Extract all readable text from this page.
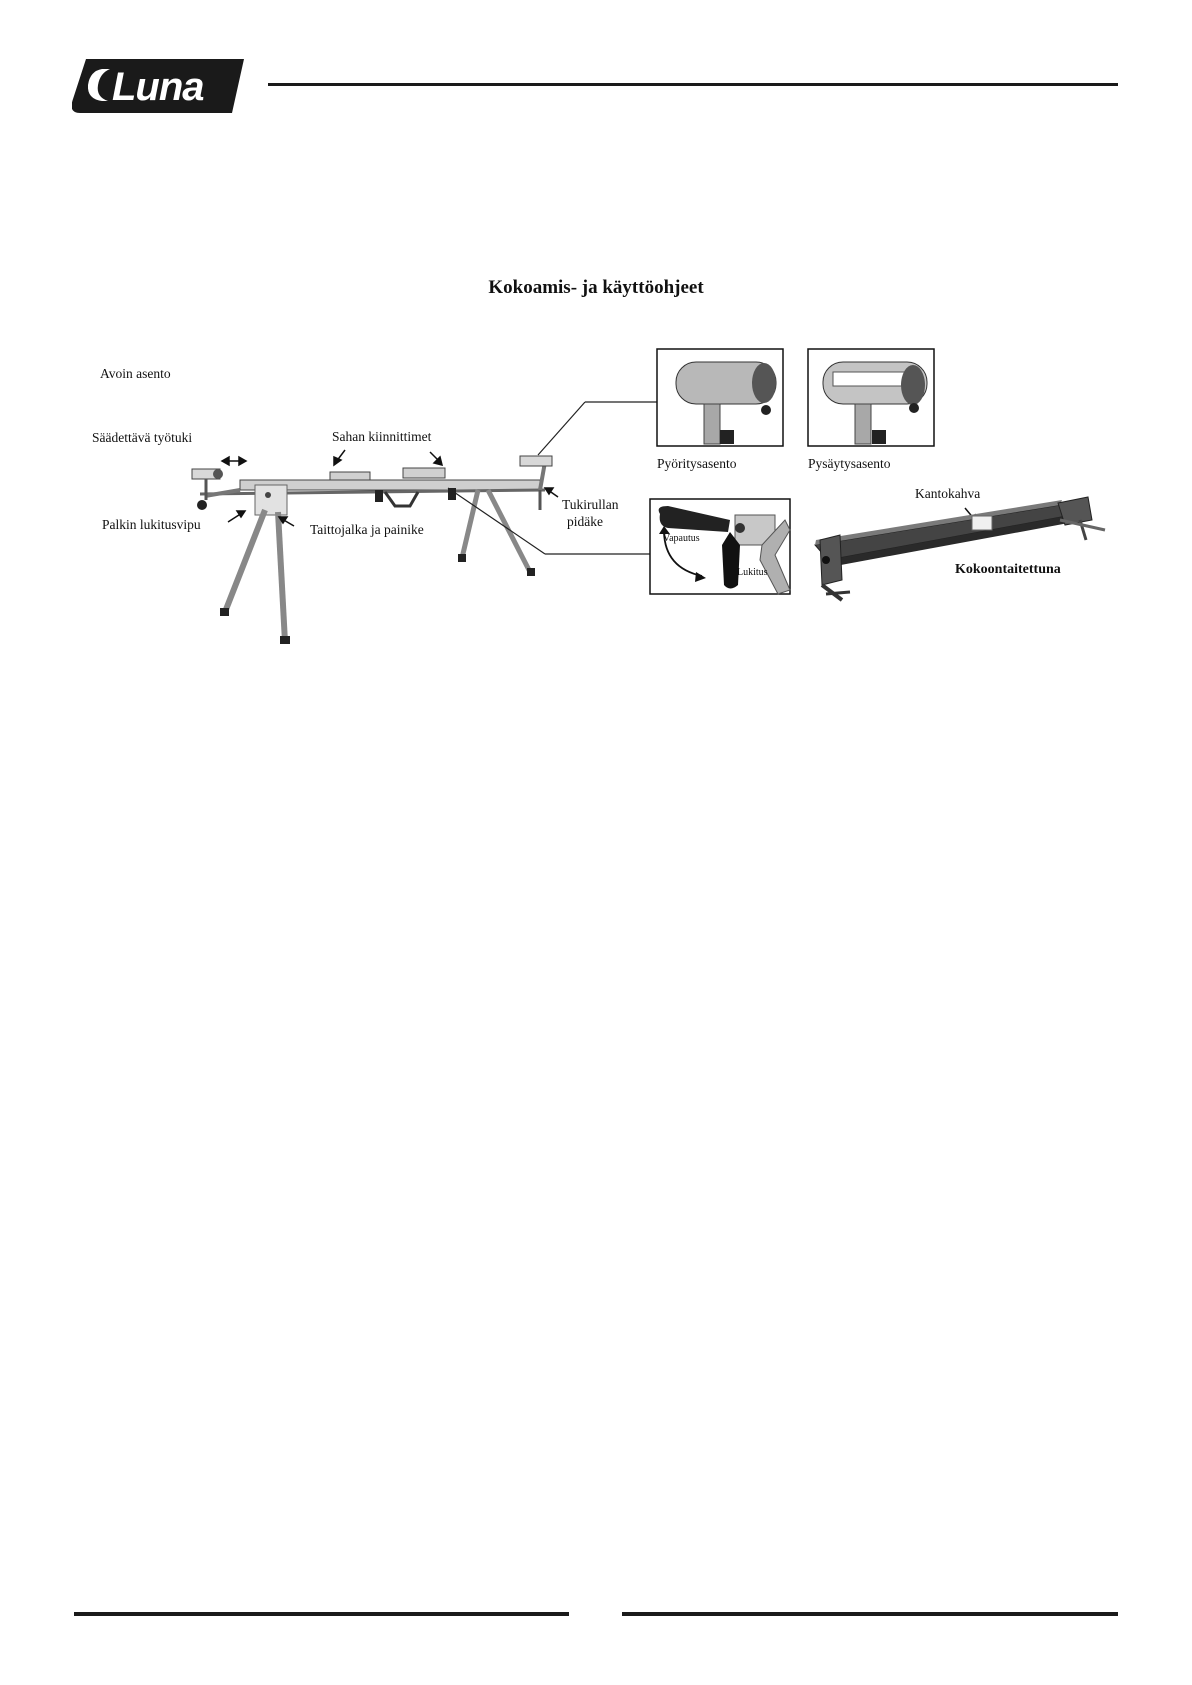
Luna
Kokoamis- ja käyttöohjeet
Avoin asento
Säädettävä työtuki	Sahan kiinnittimet
Palkin lukitusvipu	Taittojalka ja painike
Tukirullan
pidäke
Pyöritysasento	Pysäytysasento
Kantokahva
Kokoontaitettuna
Vapautus
Lukitus
